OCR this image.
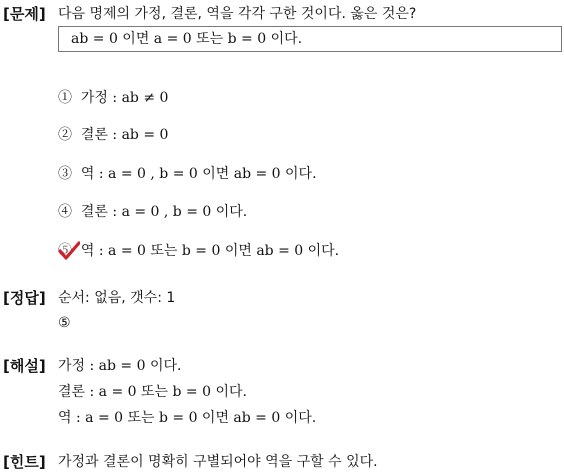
[문제] 다음 명제의 가정, 결론, 역을 각각 구한 것이다. 옳은 것은?
ab = 0 이면 a = 0 또는 b = 0 이다.
① 가정 : ab ≠ 0
② 결론 : ab = 0
③ 역 : a = 0 , b = 0 이면 ab = 0 이다.
④ 결론 : a = 0 , b = 0 이다.
⑤ 역 : a = 0 또는 b = 0 이면 ab = 0 이다.
[정답] 순서: 없음, 갯수: 1
⑤
[해설] 가정 : ab = 0 이다.
결론 : a = 0 또는 b = 0 이다.
역 : a = 0 또는 b = 0 이면 ab = 0 이다.
[힌트] 가정과 결론이 명확히 구별되어야 역을 구할 수 있다.
